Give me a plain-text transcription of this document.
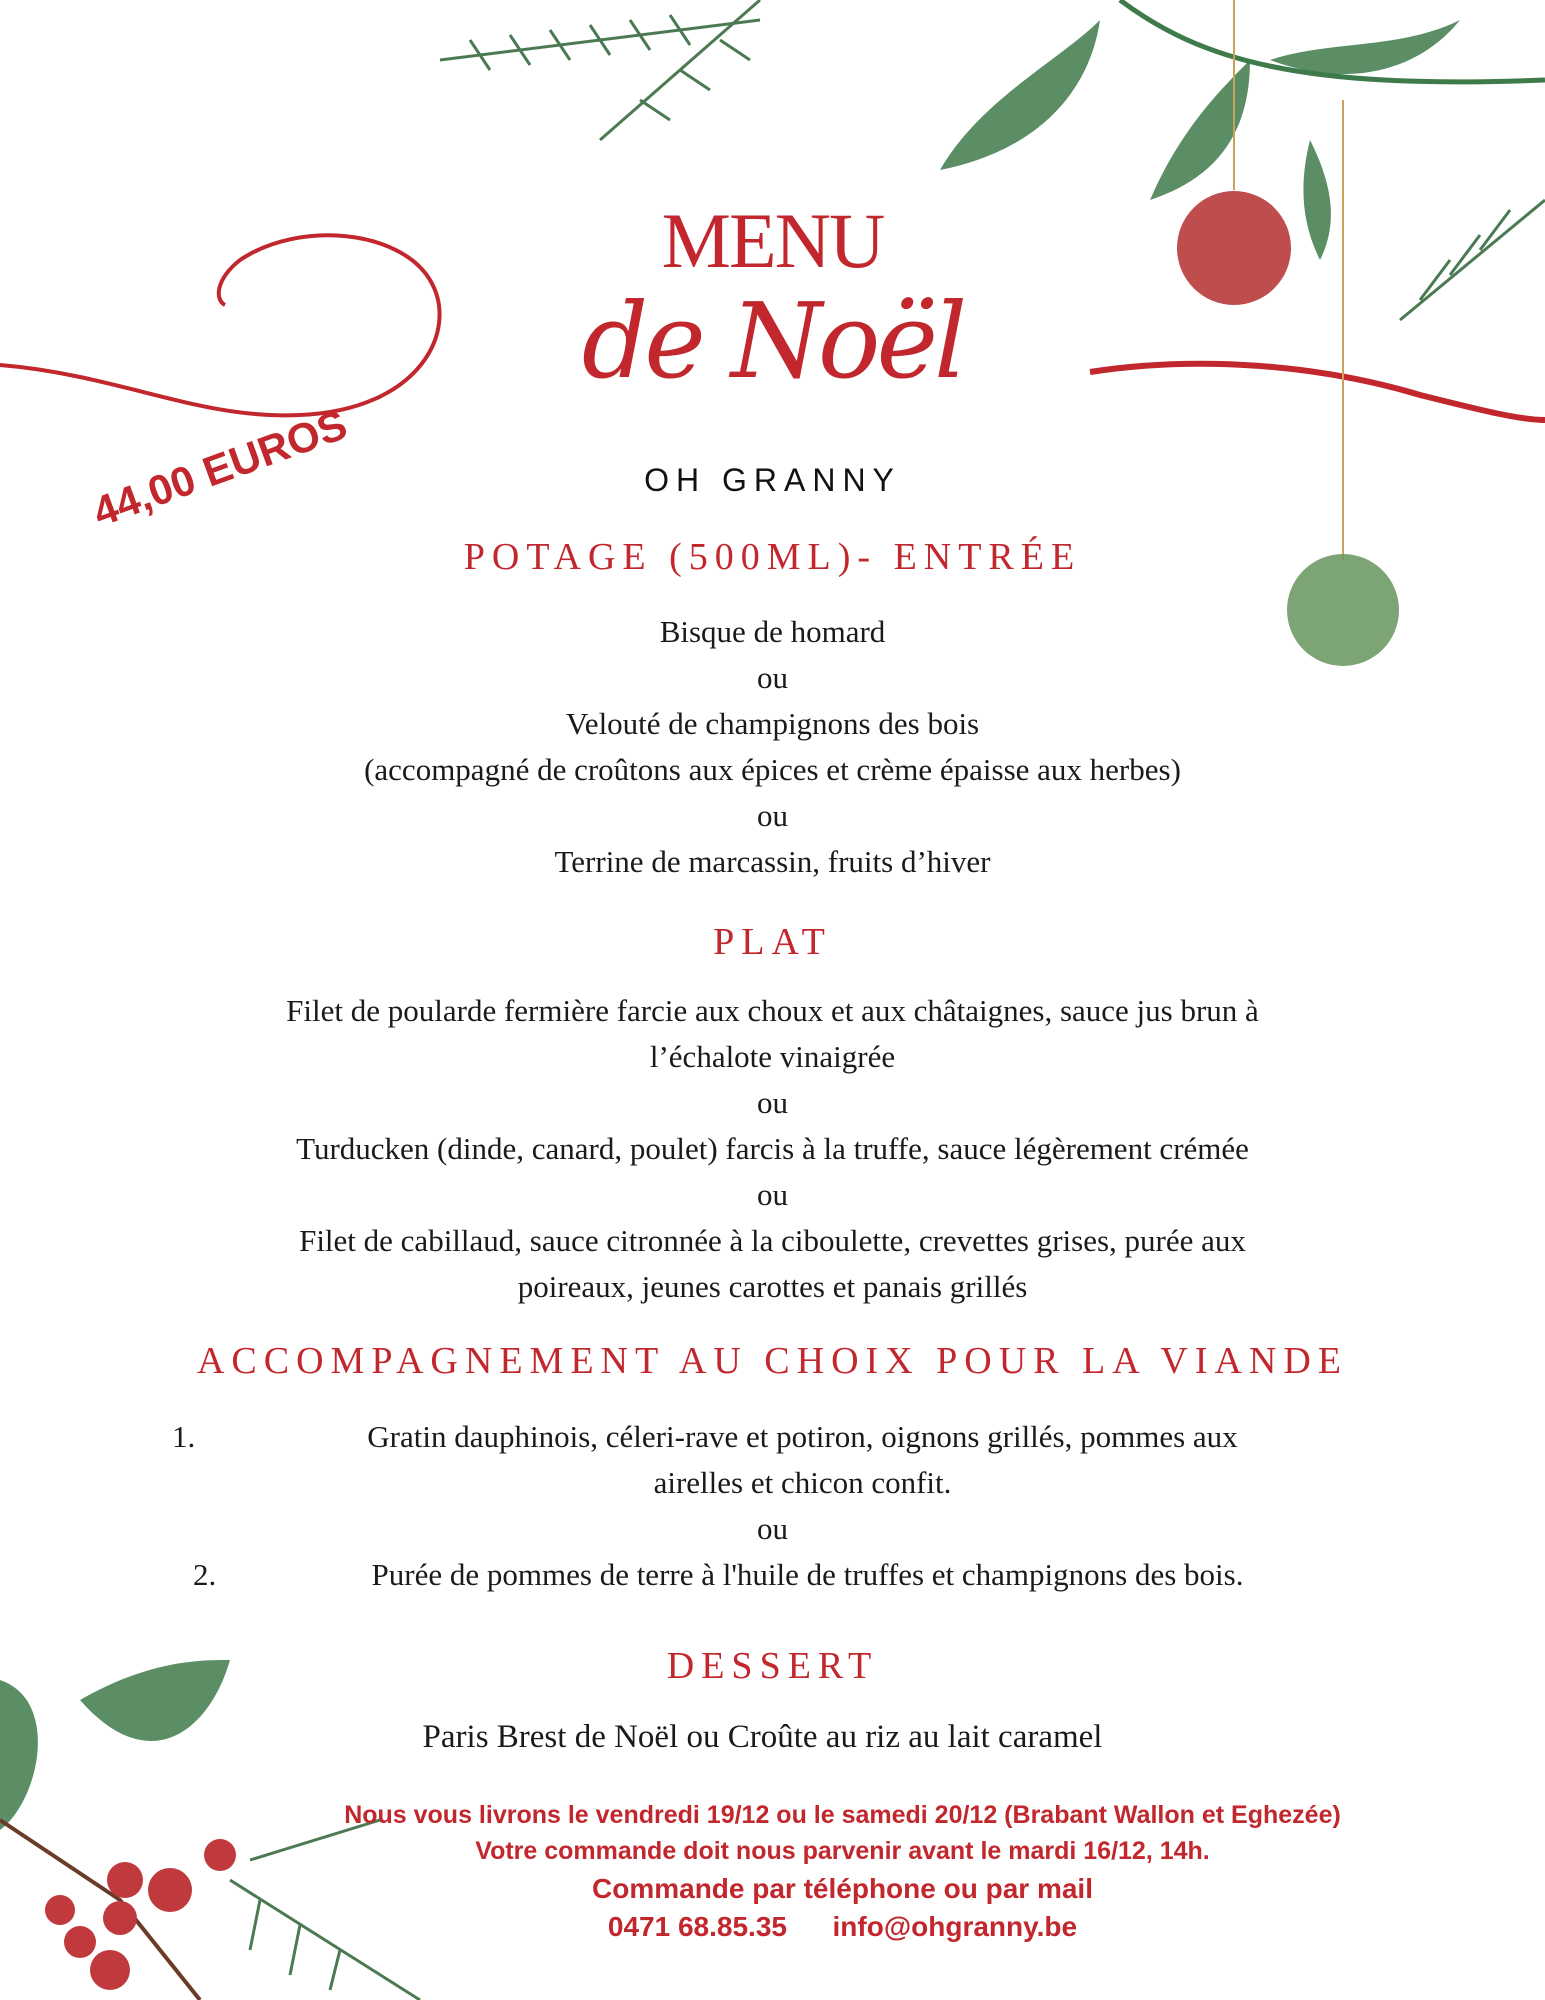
MENU
de Noël
OH GRANNY
44,00 EUROS
POTAGE (500ML)- ENTRÉE
Bisque de homard
ou
Velouté de champignons des bois
(accompagné de croûtons aux épices et crème épaisse aux herbes)
ou
Terrine de marcassin, fruits d’hiver
PLAT
Filet de poularde fermière farcie aux choux et aux châtaignes, sauce jus brun à
l’échalote vinaigrée
ou
Turducken (dinde, canard, poulet) farcis à la truffe, sauce légèrement crémée
ou
Filet de cabillaud, sauce citronnée à la ciboulette, crevettes grises, purée aux
poireaux, jeunes carottes et panais grillés
ACCOMPAGNEMENT AU CHOIX POUR LA VIANDE
1.	Gratin dauphinois, céleri-rave et potiron, oignons grillés, pommes aux
airelles et chicon confit.
ou
2.	Purée de pommes de terre à l'huile de truffes et champignons des bois.
DESSERT
Paris Brest de Noël ou Croûte au riz au lait caramel
Nous vous livrons le vendredi 19/12 ou le samedi 20/12 (Brabant Wallon et Eghezée)
Votre commande doit nous parvenir avant le mardi 16/12, 14h.
Commande par téléphone ou par mail
0471 68.85.35 info@ohgranny.be
